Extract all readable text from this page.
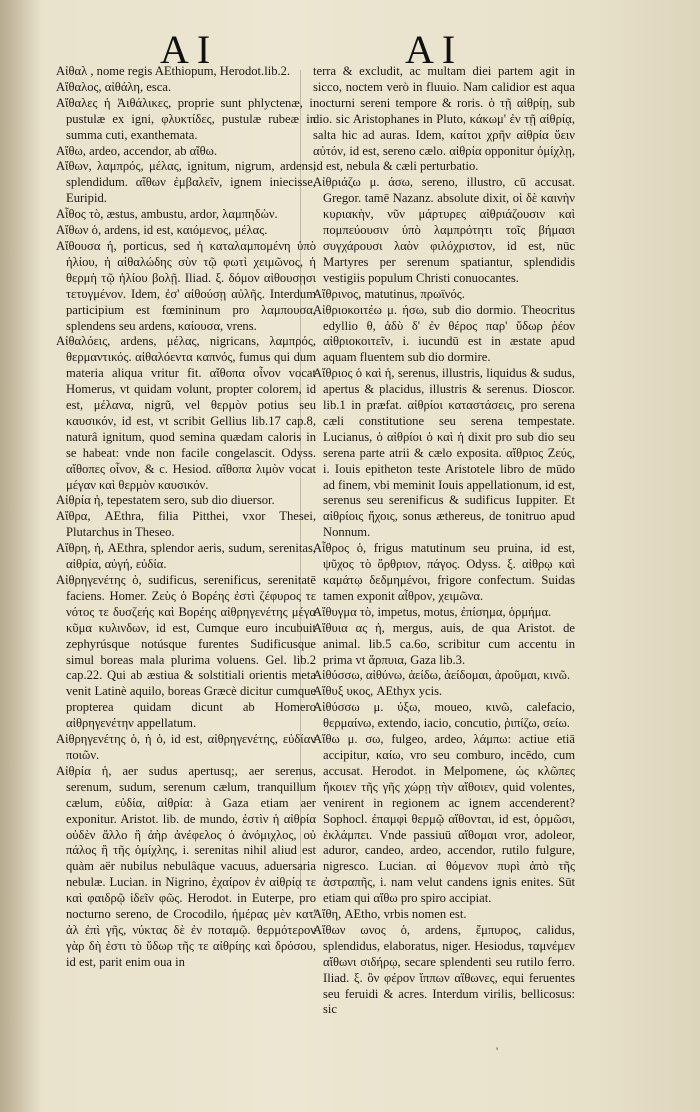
AI	AI

Αἰθαλ , nome regis AEthiopum, Herodot.lib.2.

Αἴθαλος, αἰθάλη, esca.

Αἴθαλες ἡ Ἀιθάλικες, proprie sunt phlyctenæ, i. pustulæ ex igni, φλυκτίδες, pustulæ rubeæ in summa cuti, exanthemata.

Αἴθω, ardeo, accendor, ab αἴθω.

Αἴθων, λαμπρός, μέλας, ignitum, nigrum, ardens, splendidum. αἴθων ἐμβαλεῖν, ignem iniecisse, Euripid.

Αἶθος τὸ, æstus, ambustu, ardor, λαμπηδὼν.

Αἴθων ὁ, ardens, id est, καιόμενος, μέλας.

Αἴθουσα ἡ, porticus, sed ἡ καταλαμπομένη ὑπὸ ἡλίου, ἡ αἰθαλώδης σὺν τῷ φωτὶ χειμῶνος, ἡ θερμὴ τῷ ἡλίου βολῇ. Iliad. ξ. δόμον αἰθουσῃσι τετυγμένον. Idem, ἐσ' αἰθούσῃ αὐλῆς. Interdum participium est fœmininum pro λαμπουσα, splendens seu ardens, καίουσα, vrens.

Αἰθαλόεις, ardens, μέλας, nigricans, λαμπρός, θερμαντικός. αἰθαλόεντα καπνός, fumus qui dum materia aliqua vritur fit. αἴθοπα οἶνον vocat Homerus, vt quidam volunt, propter colorem, id est, μέλανα, nigrũ, vel θερμὸν potius seu καυσικόν, id est, vt scribit Gellius lib.17 cap.8, naturâ ignitum, quod semina quædam caloris in se habeat: vnde non facile congelascit. Odyss. αἴθοπες οἶνον, & c. Hesiod. αἴθοπα λιμὸν vocat μέγαν καὶ θερμὸν καυσικόν.

Αἰθρία ἡ, tepestatem sero, sub dio diuersor.

Αἴθρα, AEthra, filia Pitthei, vxor Thesei, Plutarchus in Theseo.

Αἴθρη, ἡ, AEthra, splendor aeris, sudum, serenitas, αἰθρία, αὐγή, εὐδία.

Αἰθρηγενέτης ὁ, sudificus, serenificus, serenitatē faciens. Homer. Ζεὺς ὁ Βορέης ἐστὶ ζέφυρος τε νότος τε δυσζεής καὶ Βορέης αἰθρηγενέτης μέγα κῦμα κυλινδων, id est, Cumque euro incubuit zephyrúsque notúsque furentes Sudificusque simul boreas mala plurima voluens. Gel. lib.2 cap.22. Qui ab æstiua & solstitiali orientis meta venit Latinè aquilo, boreas Græcè dicitur cumque propterea quidam dicunt ab Homero αἰθρηγενέτην appellatum.

Αἰθρηγενέτης ὁ, ἡ ὁ, id est, αἰθρηγενέτης, εὐδίαν ποιῶν.

Αἰθρία ἡ, aer sudus apertusq;, aer serenus, serenum, sudum, serenum cælum, tranquillum cælum, εὐδία, αἰθρία: à Gaza etiam aer exponitur. Aristot. lib. de mundo, ἐστὶν ἡ αἰθρία οὐδὲν ἄλλο ἢ ἀὴρ ἀνέφελος ὁ ἀνόμιχλος, οὐ πάλος ἢ τῆς ὁμίχλης, i. serenitas nihil aliud est quàm aër nubilus nebulâque vacuus, aduersaria nebulæ. Lucian. in Nigrino, ἐχαίρον ἐν αἰθρίᾳ τε καὶ φαιδρῷ ἰδεῖν φῶς. Herodot. in Euterpe, pro nocturno sereno, de Crocodilo, ἡμέρας μὲν κατ' ἀλ ἐπὶ γῆς, νύκτας δὲ ἐν ποταμῷ. θερμότερον γὰρ δὴ ἐστι τὸ ὕδωρ τῆς τε αἰθρίης καὶ δρόσου, id est, parit enim oua in

terra & excludit, ac multam diei partem agit in sicco, noctem verò in fluuio. Nam calidior est aqua nocturni sereni tempore & roris. ὁ τῇ αἰθρίῃ, sub dio. sic Aristophanes in Pluto, κάκωμ' ἐν τῇ αἰθρίᾳ, salta hic ad auras. Idem, καίτοι χρῆν αἰθρία ὕειν αὐτόν, id est, sereno cælo. αἰθρία opponitur ὁμίχλῃ, id est, nebula & cæli perturbatio.

Αἰθριάζω μ. άσω, sereno, illustro, cū accusat. Gregor. tamē Nazanz. absolute dixit, οἱ δὲ καινὴν κυριακὴν, νῦν μάρτυρες αἰθριάζουσιν καὶ πομπεύουσιν ὑπὸ λαμπρότητι τοῖς βήμασι συγχάρουσι λαὸν φιλόχριστον, id est, nūc Martyres per serenum spatiantur, splendidis vestigiis populum Christi conuocantes.

Αἴθρινος, matutinus, πρωϊνός.

Αἰθριοκοιτέω μ. ήσω, sub dio dormio. Theocritus edyllio θ, ἀδὺ δ' ἐν θέρος παρ' ὕδωρ ῥέον αἰθριοκοιτεῖν, i. iucundū est in æstate apud aquam fluentem sub dio dormire.

Αἴθριος ὁ καὶ ἡ, serenus, illustris, liquidus & sudus, apertus & placidus, illustris & serenus. Dioscor. lib.1 in præfat. αἰθρίοι καταστάσεις, pro serena cæli constitutione seu serena tempestate. Lucianus, ὁ αἰθρίοι ὁ καὶ ἡ dixit pro sub dio seu serena parte atrii & cælo exposita. αἴθριος Ζεύς, i. Iouis epitheton teste Aristotele libro de mūdo ad finem, vbi meminit Iouis appellationum, id est, serenus seu serenificus & sudificus Iuppiter. Et αἰθρίοις ἤχοις, sonus æthereus, de tonitruo apud Nonnum.

Αἶθρος ὁ, frigus matutinum seu pruina, id est, ψῦχος τὸ ὄρθριον, πάγος. Odyss. ξ. αἰθρῳ καὶ καμάτῳ δεδμημένοι, frigore confectum. Suidas tamen exponit αἶθρον, χειμῶνα.

Αἴθυγμα τὸ, impetus, motus, ἐπίσημα, ὁρμήμα.

Αἴθυια ας ἡ, mergus, auis, de qua Aristot. de animal. lib.5 ca.6o, scribitur cum accentu in prima vt ἅρπυια, Gaza lib.3.

Αἰθύσσω, αἰθύνω, ἀείδω, ἀείδομαι, ἀροῦμαι, κινῶ.

Αἴθυξ υκος, AEthyx ycis.

Αἰθύσσω μ. ύξω, moueo, κινῶ, calefacio, θερμαίνω, extendo, iacio, concutio, ῥιπίζω, σείω.

Αἴθω μ. σω, fulgeo, ardeo, λάμπω: actiue etiā accipitur, καίω, vro seu comburo, incēdo, cum accusat. Herodot. in Melpomene, ὡς κλῶπες ἥκοιεν τῆς γῆς χώρῃ τὴν αἴθοιεν, quid volentes, venirent in regionem ac ignem accenderent? Sophocl. ἐπαμφὶ θερμῷ αἴθονται, id est, ὁρμῶσι, ἐκλάμπει. Vnde passiuū αἴθομαι vror, adoleor, aduror, candeo, ardeo, accendor, rutilo fulgure, nigresco. Lucian. αἰ θόμενον πυρὶ ἀπὸ τῆς ἀστραπῆς, i. nam velut candens ignis enites. Sūt etiam qui αἴθω pro spiro accipiat.

Αἴθη, AEtho, vrbis nomen est.

Αἴθων ωνος ὁ, ardens, ἔμπυρος, calidus, splendidus, elaboratus, niger. Hesiodus, ταμνέμεν αἴθωνι σιδήρῳ, secare splendenti seu rutilo ferro. Iliad. ξ. ὃν φέρον ἵππων αἴθωνες, equi feruentes seu feruidi & acres. Interdum virilis, bellicosus: sic

'
